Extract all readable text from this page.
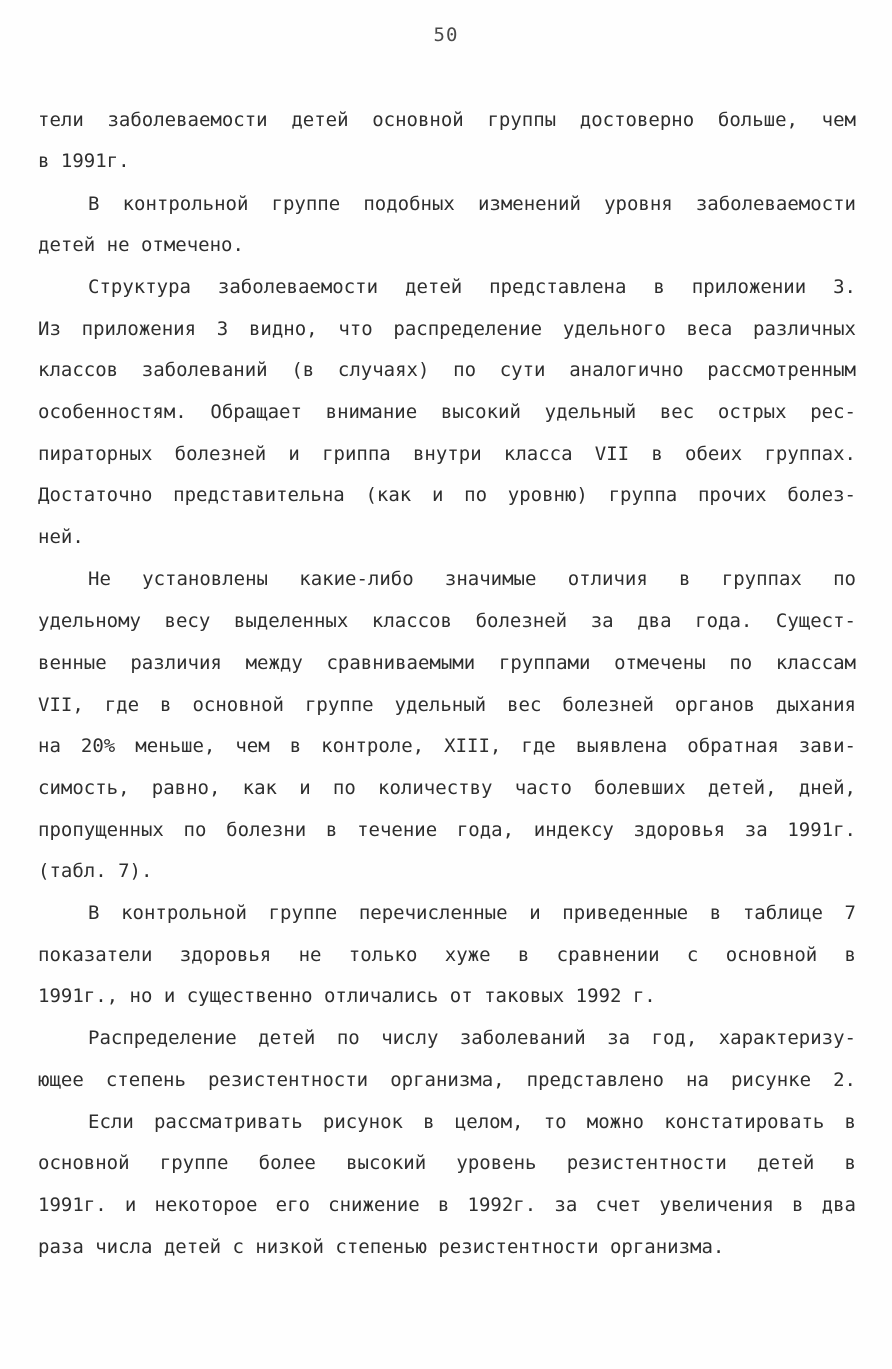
50
тели заболеваемости детей основной группы достоверно больше, чем
в 1991г.
В контрольной группе подобных изменений уровня заболеваемости
детей не отмечено.
Структура заболеваемости детей представлена в приложении 3.
Из приложения 3 видно, что распределение удельного веса различных
классов заболеваний (в случаях) по сути аналогично рассмотренным
особенностям. Обращает внимание высокий удельный вес острых рес-
пираторных болезней и гриппа внутри класса VII в обеих группах.
Достаточно представительна (как и по уровню) группа прочих болез-
ней.
Не установлены какие-либо значимые отличия в группах по
удельному весу выделенных классов болезней за два года. Сущест-
венные различия между сравниваемыми группами отмечены по классам
VII, где в основной группе удельный вес болезней органов дыхания
на 20% меньше, чем в контроле, XIII, где выявлена обратная зави-
симость, равно, как и по количеству часто болевших детей, дней,
пропущенных по болезни в течение года, индексу здоровья за 1991г.
(табл. 7).
В контрольной группе перечисленные и приведенные в таблице 7
показатели здоровья не только хуже в сравнении с основной в
1991г., но и существенно отличались от таковых 1992 г.
Распределение детей по числу заболеваний за год, характеризу-
ющее степень резистентности организма, представлено на рисунке 2.
Если рассматривать рисунок в целом, то можно констатировать в
основной группе более высокий уровень резистентности детей в
1991г. и некоторое его снижение в 1992г. за счет увеличения в два
раза числа детей с низкой степенью резистентности организма.
